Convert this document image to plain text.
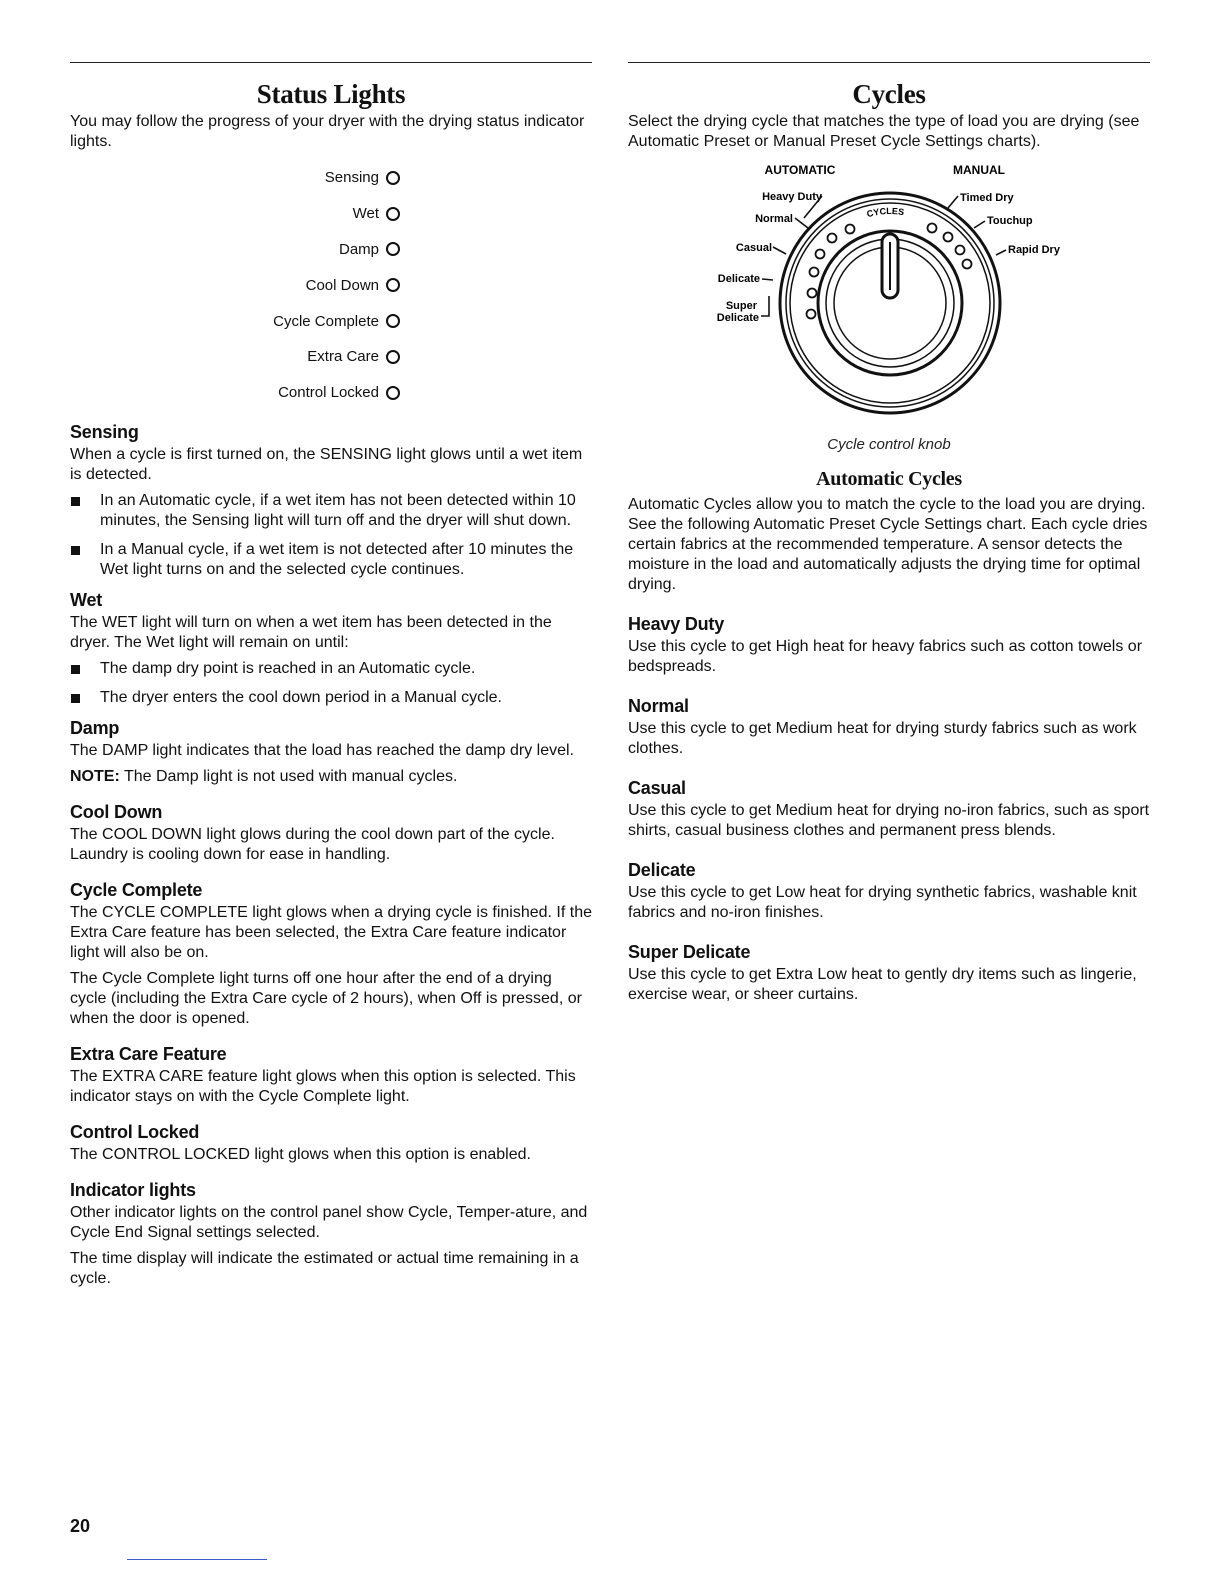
Status Lights

You may follow the progress of your dryer with the drying status indicator lights.

Sensing
Wet
Damp
Cool Down
Cycle Complete
Extra Care
Control Locked
Sensing

When a cycle is first turned on, the SENSING light glows until a wet item is detected.

In an Automatic cycle, if a wet item has not been detected within 10 minutes, the Sensing light will turn off and the dryer will shut down.
In a Manual cycle, if a wet item is not detected after 10 minutes the Wet light turns on and the selected cycle continues.
Wet

The WET light will turn on when a wet item has been detected in the dryer. The Wet light will remain on until:

The damp dry point is reached in an Automatic cycle.
The dryer enters the cool down period in a Manual cycle.
Damp

The DAMP light indicates that the load has reached the damp dry level.

NOTE: The Damp light is not used with manual cycles.

Cool Down

The COOL DOWN light glows during the cool down part of the cycle. Laundry is cooling down for ease in handling.

Cycle Complete

The CYCLE COMPLETE light glows when a drying cycle is finished. If the Extra Care feature has been selected, the Extra Care feature indicator light will also be on.

The Cycle Complete light turns off one hour after the end of a drying cycle (including the Extra Care cycle of 2 hours), when Off is pressed, or when the door is opened.

Extra Care Feature

The EXTRA CARE feature light glows when this option is selected. This indicator stays on with the Cycle Complete light.

Control Locked

The CONTROL LOCKED light glows when this option is enabled.

Indicator lights

Other indicator lights on the control panel show Cycle, Temper-ature, and Cycle End Signal settings selected.

The time display will indicate the estimated or actual time remaining in a cycle.

Cycles

Select the drying cycle that matches the type of load you are drying (see Automatic Preset or Manual Preset Cycle Settings charts).

AUTOMATIC	MANUAL
Heavy Duty
Normal
Casual
Delicate
Super
Delicate
Timed Dry
Touchup
Rapid Dry
CYCLES
Cycle control knob
Automatic Cycles

Automatic Cycles allow you to match the cycle to the load you are drying. See the following Automatic Preset Cycle Settings chart. Each cycle dries certain fabrics at the recommended temperature. A sensor detects the moisture in the load and automatically adjusts the drying time for optimal drying.

Heavy Duty

Use this cycle to get High heat for heavy fabrics such as cotton towels or bedspreads.

Normal

Use this cycle to get Medium heat for drying sturdy fabrics such as work clothes.

Casual

Use this cycle to get Medium heat for drying no-iron fabrics, such as sport shirts, casual business clothes and permanent press blends.

Delicate

Use this cycle to get Low heat for drying synthetic fabrics, washable knit fabrics and no-iron finishes.

Super Delicate

Use this cycle to get Extra Low heat to gently dry items such as lingerie, exercise wear, or sheer curtains.

20
